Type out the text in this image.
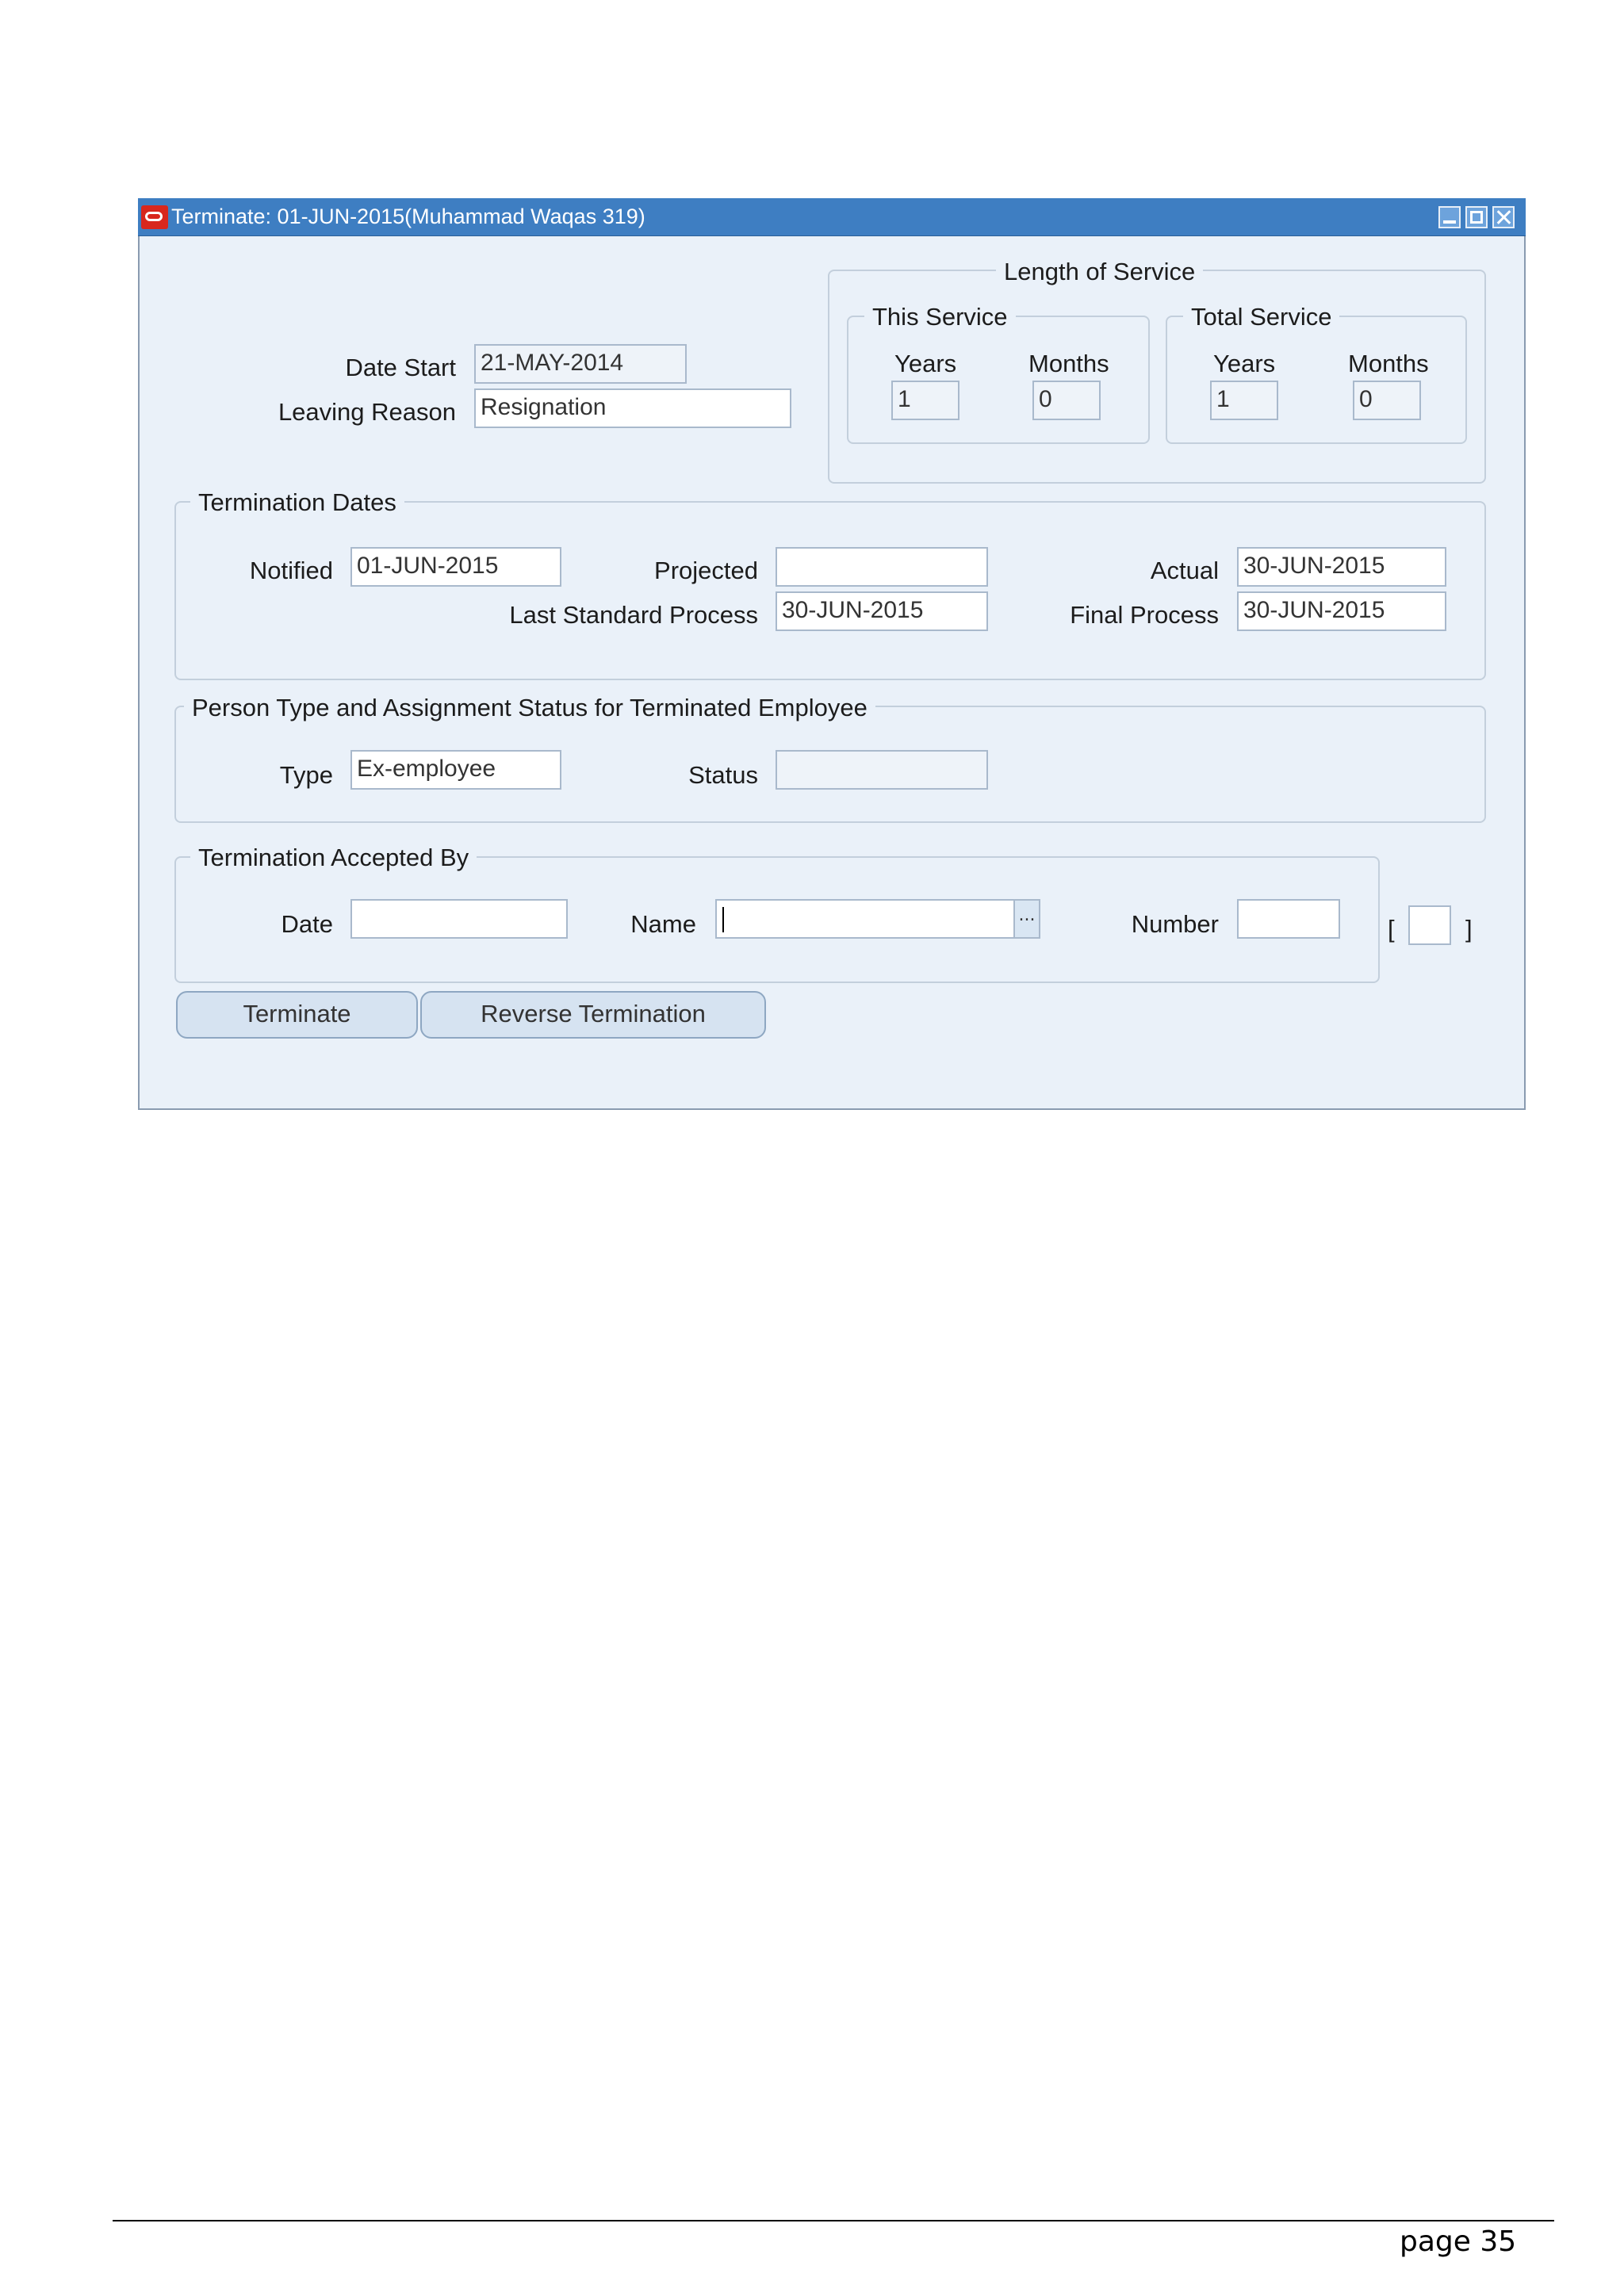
Terminate: 01-JUN-2015(Muhammad Waqas 319)
Date Start 21-MAY-2014
Leaving Reason Resignation
Length of Service
This Service
Years
1
Months
0
Total Service
Years
1
Months
0
Termination Dates
Notified 01-JUN-2015	Projected	Actual 30-JUN-2015
Last Standard Process 30-JUN-2015	Final Process 30-JUN-2015
Person Type and Assignment Status for Terminated Employee
Type Ex-employee	Status
Termination Accepted By
Date	Name	...	Number	[	]
Terminate	Reverse Termination
page 35
